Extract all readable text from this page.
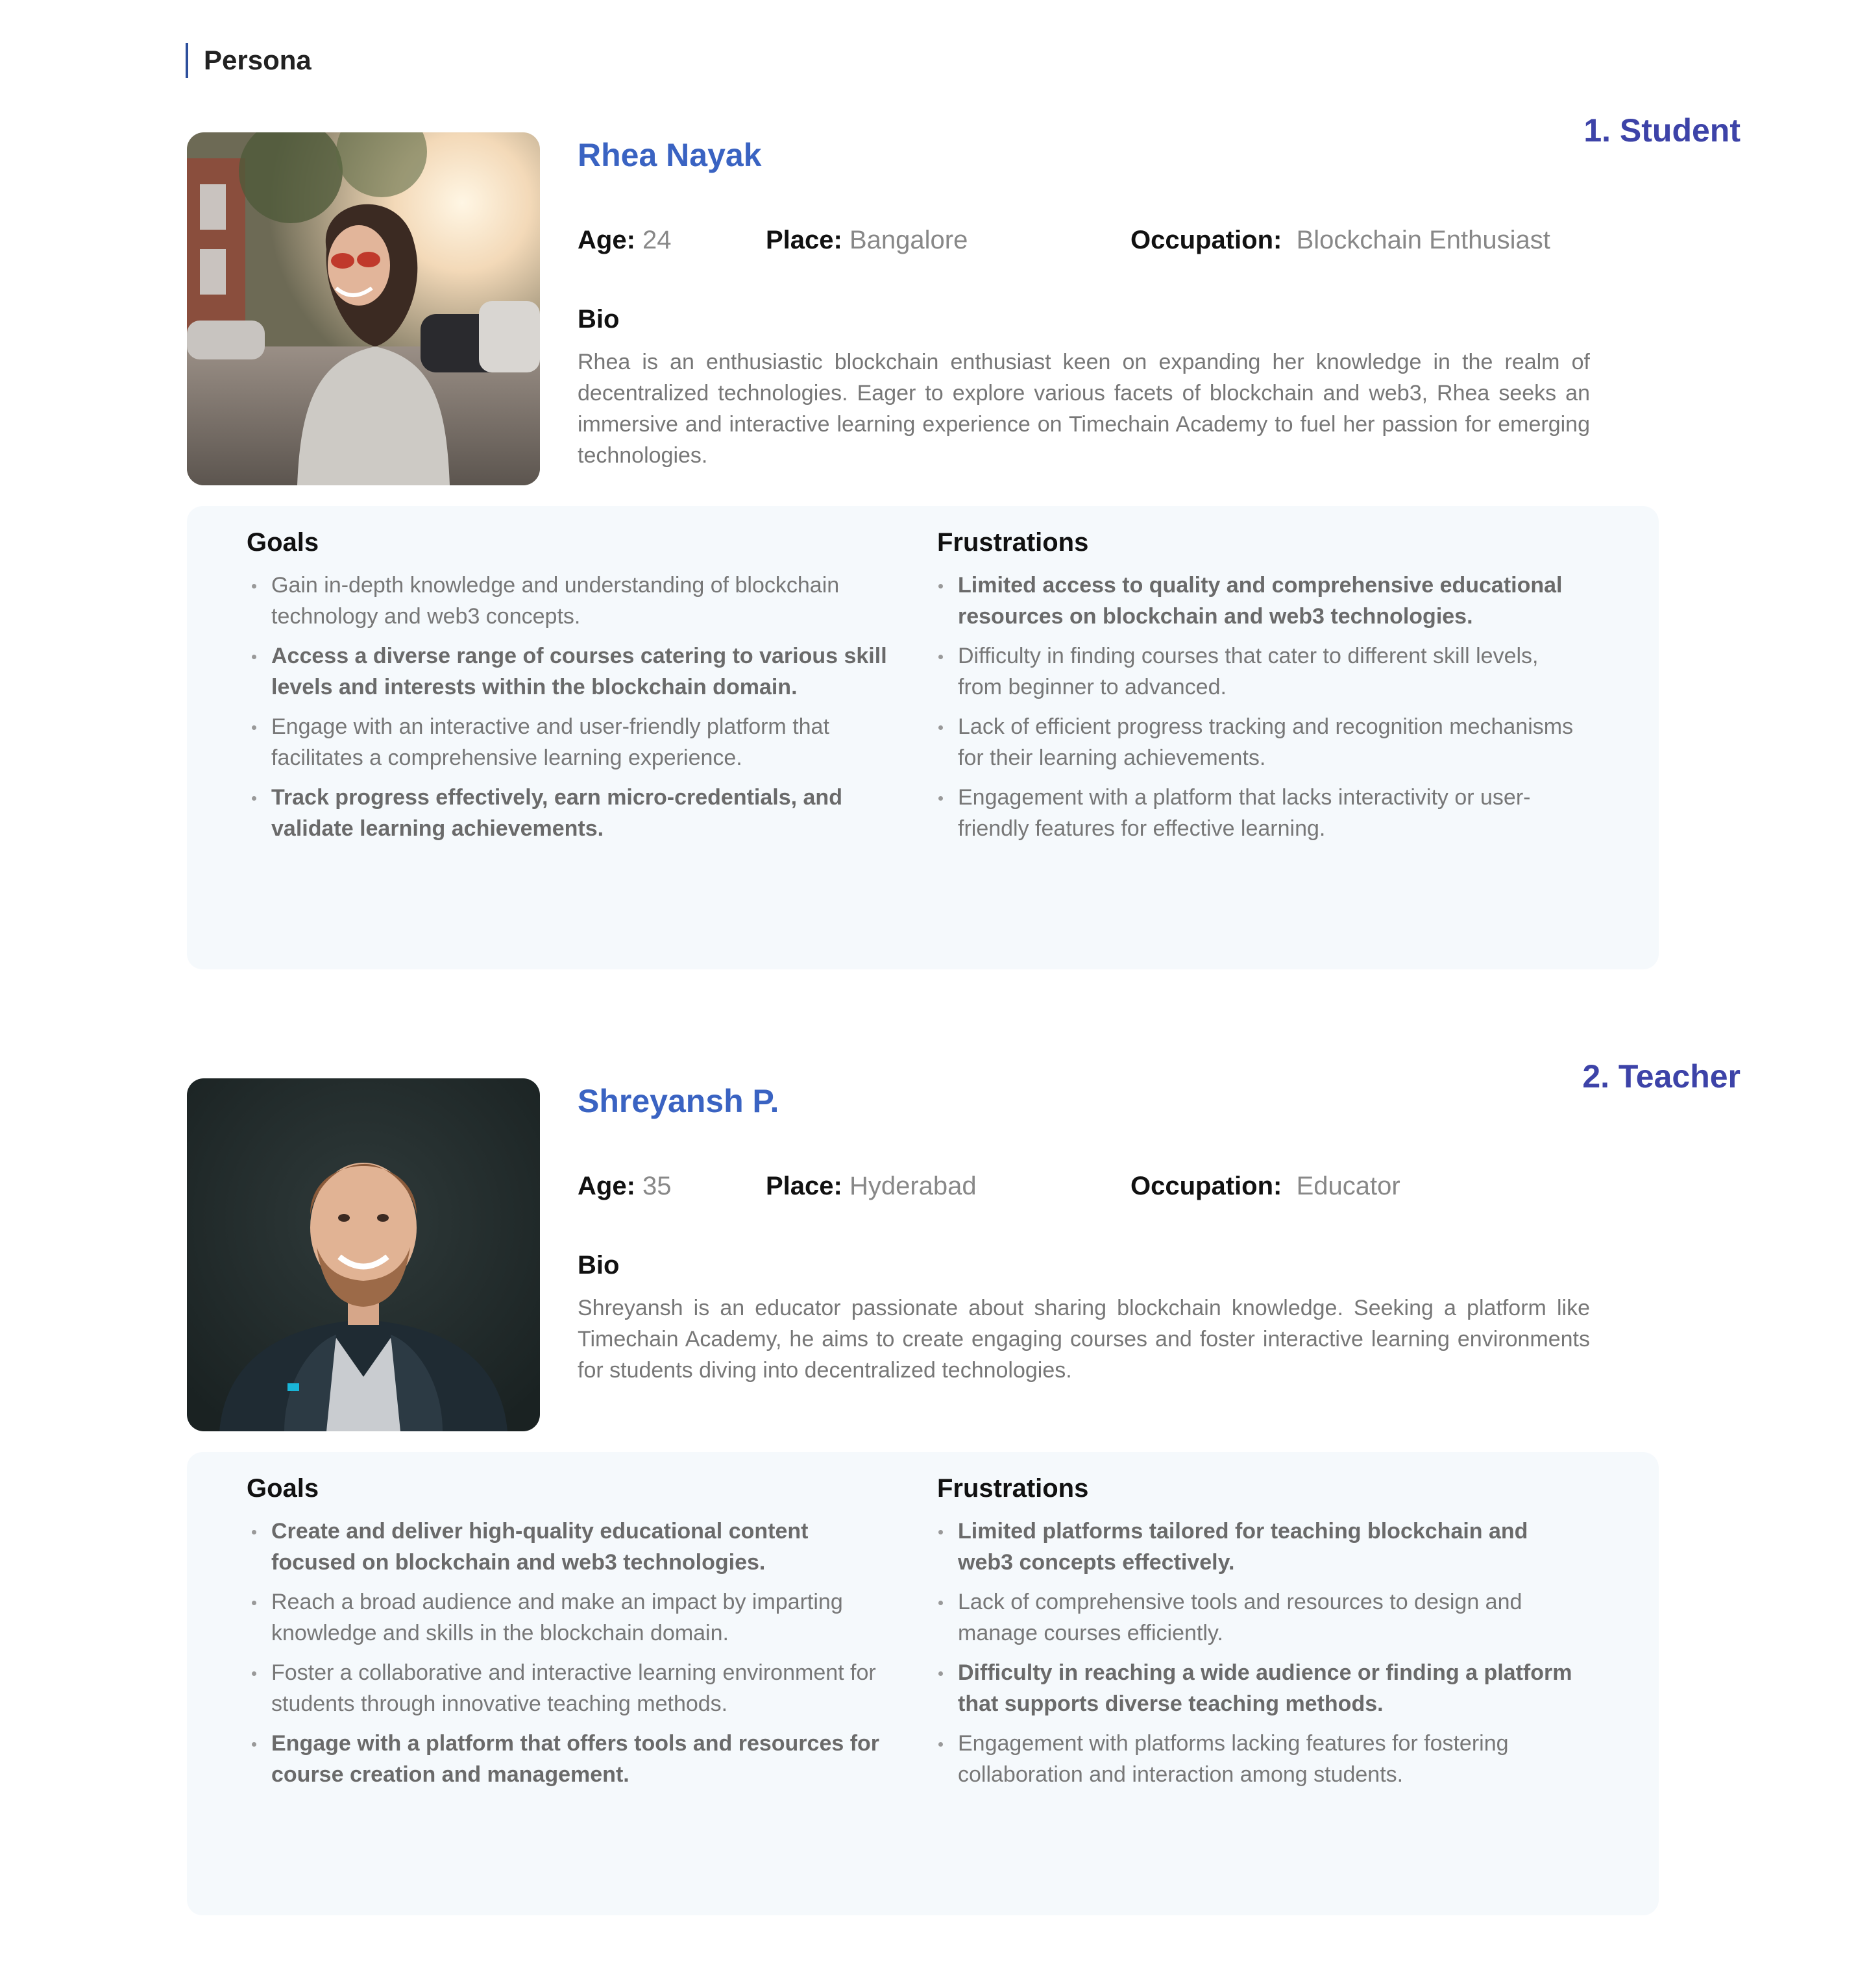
Persona
1. Student
Rhea Nayak
Age: 24	Place: Bangalore	Occupation: Blockchain Enthusiast
Bio

Rhea is an enthusiastic blockchain enthusiast keen on expanding her knowledge in the realm of decentralized technologies. Eager to explore various facets of blockchain and web3, Rhea seeks an immersive and interactive learning experience on Timechain Academy to fuel her passion for emerging technologies.

Goals
Gain in-depth knowledge and understanding of blockchain technology and web3 concepts.
Access a diverse range of courses catering to various skill levels and interests within the blockchain domain.
Engage with an interactive and user-friendly platform that facilitates a comprehensive learning experience.
Track progress effectively, earn micro-credentials, and validate learning achievements.
Frustrations
Limited access to quality and comprehensive educational resources on blockchain and web3 technologies.
Difficulty in finding courses that cater to different skill levels, from beginner to advanced.
Lack of efficient progress tracking and recognition mechanisms for their learning achievements.
Engagement with a platform that lacks interactivity or user-friendly features for effective learning.
2. Teacher
Shreyansh P.
Age: 35	Place: Hyderabad	Occupation: Educator
Bio

Shreyansh is an educator passionate about sharing blockchain knowledge. Seeking a platform like Timechain Academy, he aims to create engaging courses and foster interactive learning environments for students diving into decentralized technologies.

Goals
Create and deliver high-quality educational content focused on blockchain and web3 technologies.
Reach a broad audience and make an impact by imparting knowledge and skills in the blockchain domain.
Foster a collaborative and interactive learning environment for students through innovative teaching methods.
Engage with a platform that offers tools and resources for course creation and management.
Frustrations
Limited platforms tailored for teaching blockchain and web3 concepts effectively.
Lack of comprehensive tools and resources to design and manage courses efficiently.
Difficulty in reaching a wide audience or finding a platform that supports diverse teaching methods.
Engagement with platforms lacking features for fostering collaboration and interaction among students.
